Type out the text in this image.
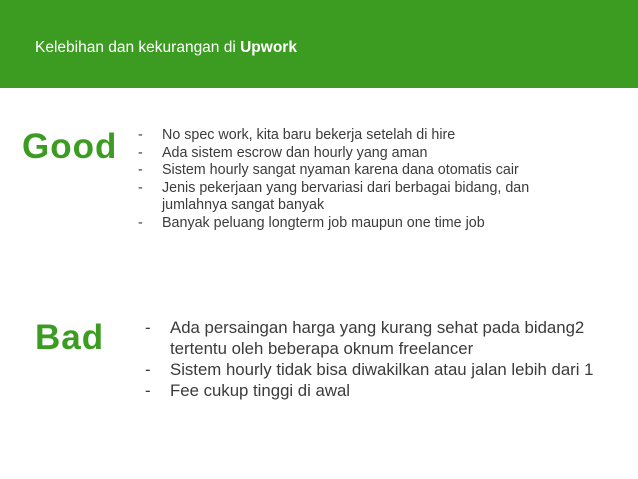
Kelebihan dan kekurangan di Upwork
Good	- No spec work, kita baru bekerja setelah di hire
- Ada sistem escrow dan hourly yang aman
- Sistem hourly sangat nyaman karena dana otomatis cair
- Jenis pekerjaan yang bervariasi dari berbagai bidang, dan jumlahnya sangat banyak
- Banyak peluang longterm job maupun one time job
Bad	- Ada persaingan harga yang kurang sehat pada bidang2 tertentu oleh beberapa oknum freelancer
- Sistem hourly tidak bisa diwakilkan atau jalan lebih dari 1
- Fee cukup tinggi di awal
